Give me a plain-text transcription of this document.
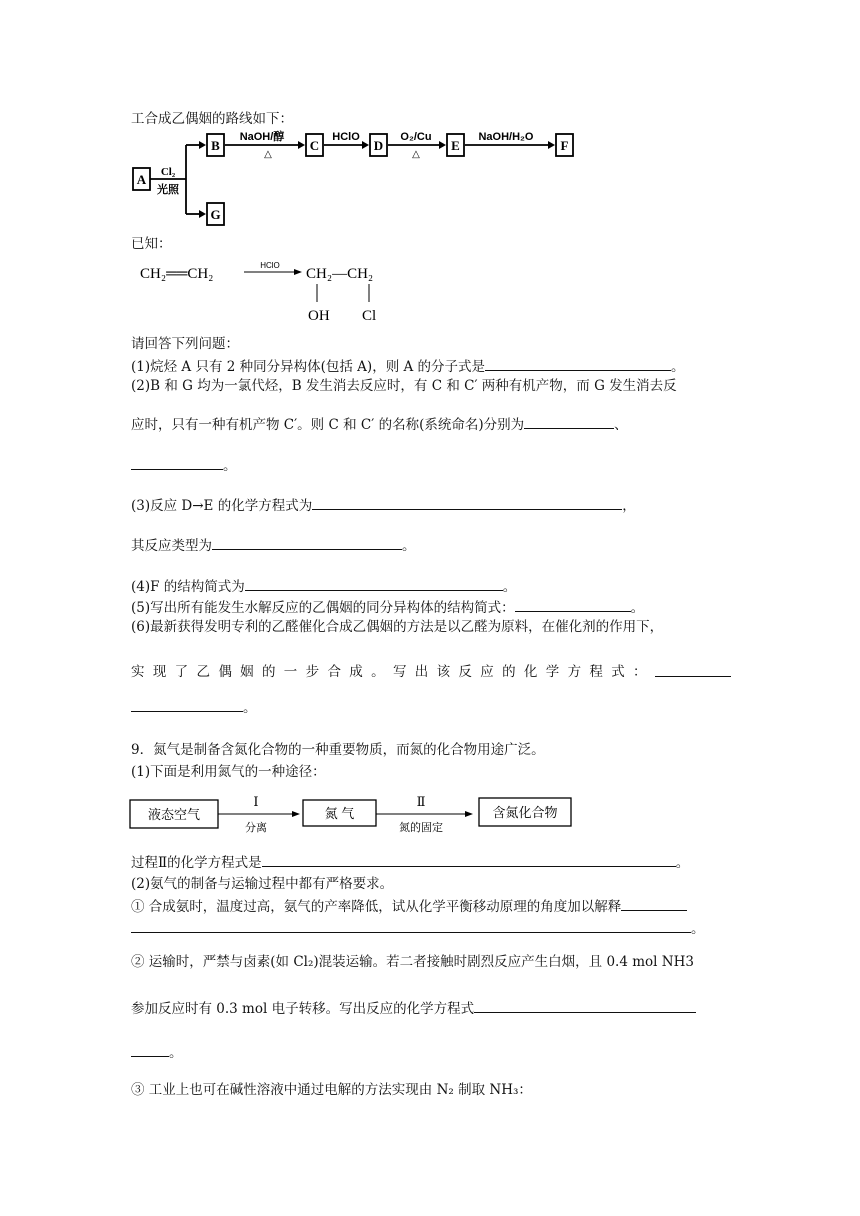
工合成乙偶姻的路线如下：
A Cl₂
光照
B
G
NaOH/醇
△
C
HClO
D
O₂/Cu
△
E
NaOH/H₂O
F
已知：
CH₂══CH₂
HClO
CH₂—CH₂
OH Cl
请回答下列问题：
(1)烷烃 A 只有 2 种同分异构体(包括 A)，则 A 的分子式是	。
(2)B 和 G 均为一氯代烃，B 发生消去反应时，有 C 和 C′ 两种有机产物，而 G 发生消去反
应时，只有一种有机产物 C′。则 C 和 C′ 的名称(系统命名)分别为	、
。
(3)反应 D→E 的化学方程式为	，
其反应类型为	。
(4)F 的结构简式为	。
(5)写出所有能发生水解反应的乙偶姻的同分异构体的结构简式：	。
(6)最新获得发明专利的乙醛催化合成乙偶姻的方法是以乙醛为原料，在催化剂的作用下，
实 现 了 乙 偶 姻 的 一 步 合 成 。 写 出 该 反 应 的 化 学 方 程 式 ：
。
9．氮气是制备含氮化合物的一种重要物质，而氮的化合物用途广泛。
(1)下面是利用氮气的一种途径：
液态空气
Ⅰ
分离
氮 气
Ⅱ
氮的固定
含氮化合物
过程Ⅱ的化学方程式是	。
(2)氨气的制备与运输过程中都有严格要求。
① 合成氨时，温度过高，氨气的产率降低，试从化学平衡移动原理的角度加以解释
。
② 运输时，严禁与卤素(如 Cl₂)混装运输。若二者接触时剧烈反应产生白烟，且 0.4 mol NH3
参加反应时有 0.3 mol 电子转移。写出反应的化学方程式
。
③ 工业上也可在碱性溶液中通过电解的方法实现由 N₂ 制取 NH₃：
